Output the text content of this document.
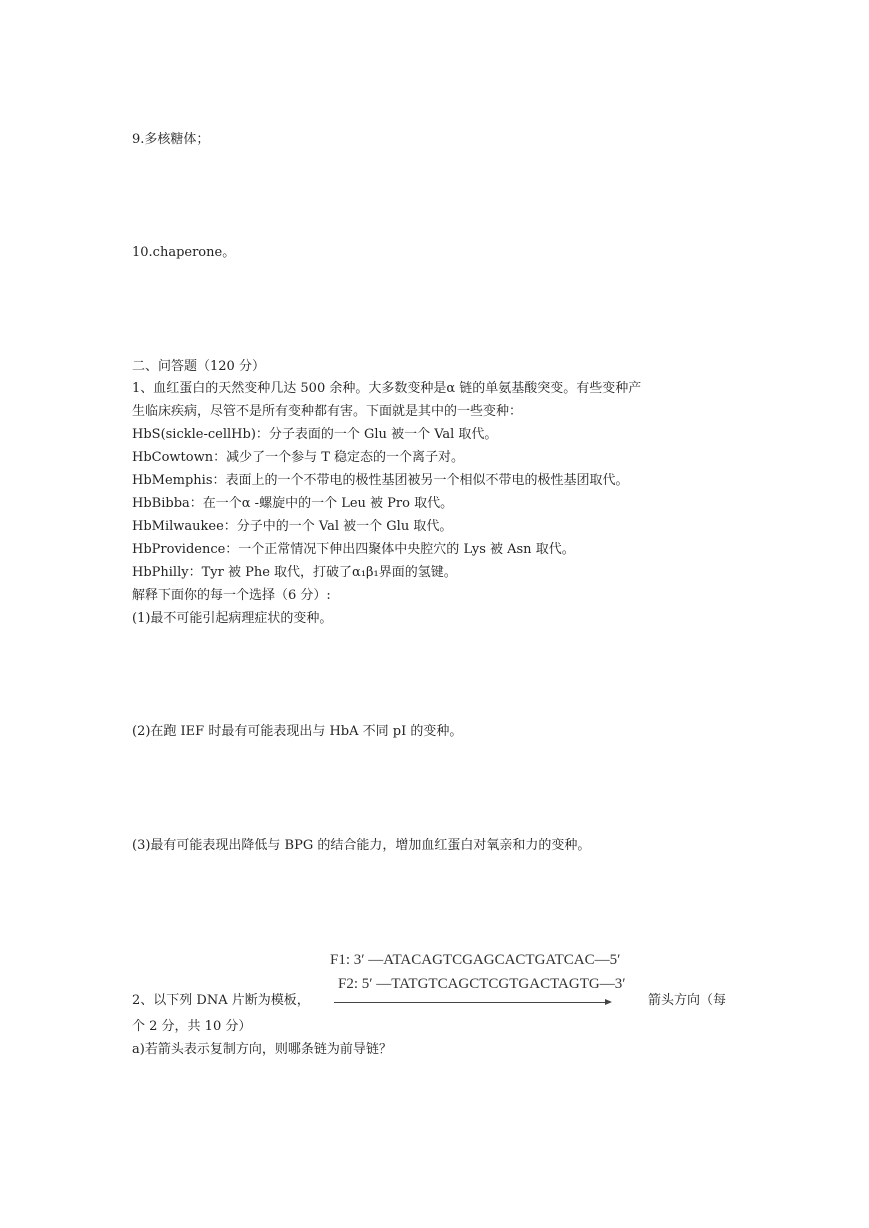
9.多核糖体；
10.chaperone。
二、问答题（120 分）
1、血红蛋白的天然变种几达 500 余种。大多数变种是α 链的单氨基酸突变。有些变种产
生临床疾病，尽管不是所有变种都有害。下面就是其中的一些变种：
HbS(sickle-cellHb)：分子表面的一个 Glu 被一个 Val 取代。
HbCowtown：减少了一个参与 T 稳定态的一个离子对。
HbMemphis：表面上的一个不带电的极性基团被另一个相似不带电的极性基团取代。
HbBibba：在一个α -螺旋中的一个 Leu 被 Pro 取代。
HbMilwaukee：分子中的一个 Val 被一个 Glu 取代。
HbProvidence：一个正常情况下伸出四聚体中央腔穴的 Lys 被 Asn 取代。
HbPhilly：Tyr 被 Phe 取代，打破了α₁β₁界面的氢键。
解释下面你的每一个选择（6 分）:
(1)最不可能引起病理症状的变种。
(2)在跑 IEF 时最有可能表现出与 HbA 不同 pI 的变种。
(3)最有可能表现出降低与 BPG 的结合能力，增加血红蛋白对氧亲和力的变种。
F1: 3′ —ATACAGTCGAGCACTGATCAC—5′
F2: 5′ —TATGTCAGCTCGTGACTAGTG—3′
2、以下列 DNA 片断为模板，	箭头方向（每
个 2 分，共 10 分）
a)若箭头表示复制方向，则哪条链为前导链？
